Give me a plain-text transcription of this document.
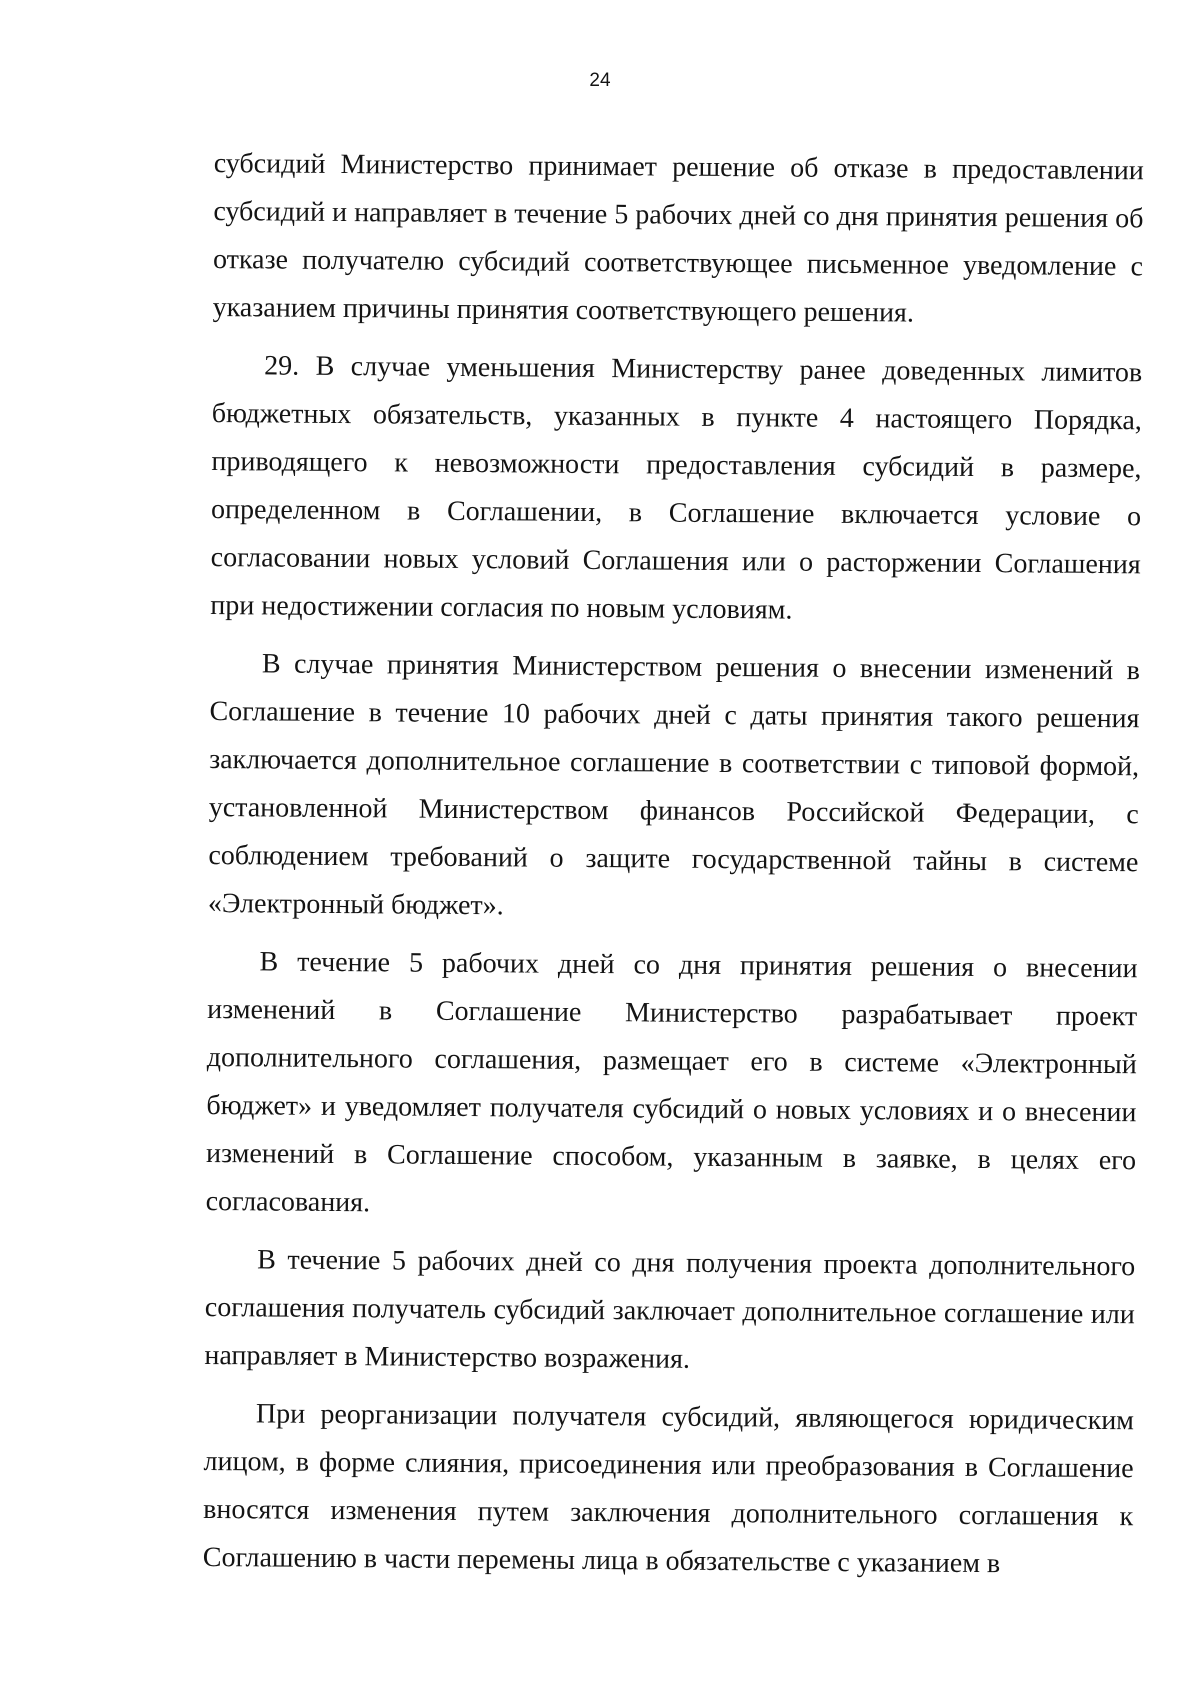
24

субсидий Министерство принимает решение об отказе в предоставлении субсидий и направляет в течение 5 рабочих дней со дня принятия решения об отказе получателю субсидий соответствующее письменное уведомление с указанием причины принятия соответствующего решения.

29. В случае уменьшения Министерству ранее доведенных лимитов бюджетных обязательств, указанных в пункте 4 настоящего Порядка, приводящего к невозможности предоставления субсидий в размере, определенном в Соглашении, в Соглашение включается условие о согласовании новых условий Соглашения или о расторжении Соглашения при недостижении согласия по новым условиям.

В случае принятия Министерством решения о внесении изменений в Соглашение в течение 10 рабочих дней с даты принятия такого решения заключается дополнительное соглашение в соответствии с типовой формой, установленной Министерством финансов Российской Федерации, с соблюдением требований о защите государственной тайны в системе «Электронный бюджет».

В течение 5 рабочих дней со дня принятия решения о внесении изменений в Соглашение Министерство разрабатывает проект дополнительного соглашения, размещает его в системе «Электронный бюджет» и уведомляет получателя субсидий о новых условиях и о внесении изменений в Соглашение способом, указанным в заявке, в целях его согласования.

В течение 5 рабочих дней со дня получения проекта дополнительного соглашения получатель субсидий заключает дополнительное соглашение или направляет в Министерство возражения.

При реорганизации получателя субсидий, являющегося юридическим лицом, в форме слияния, присоединения или преобразования в Соглашение вносятся изменения путем заключения дополнительного соглашения к Соглашению в части перемены лица в обязательстве с указанием в
